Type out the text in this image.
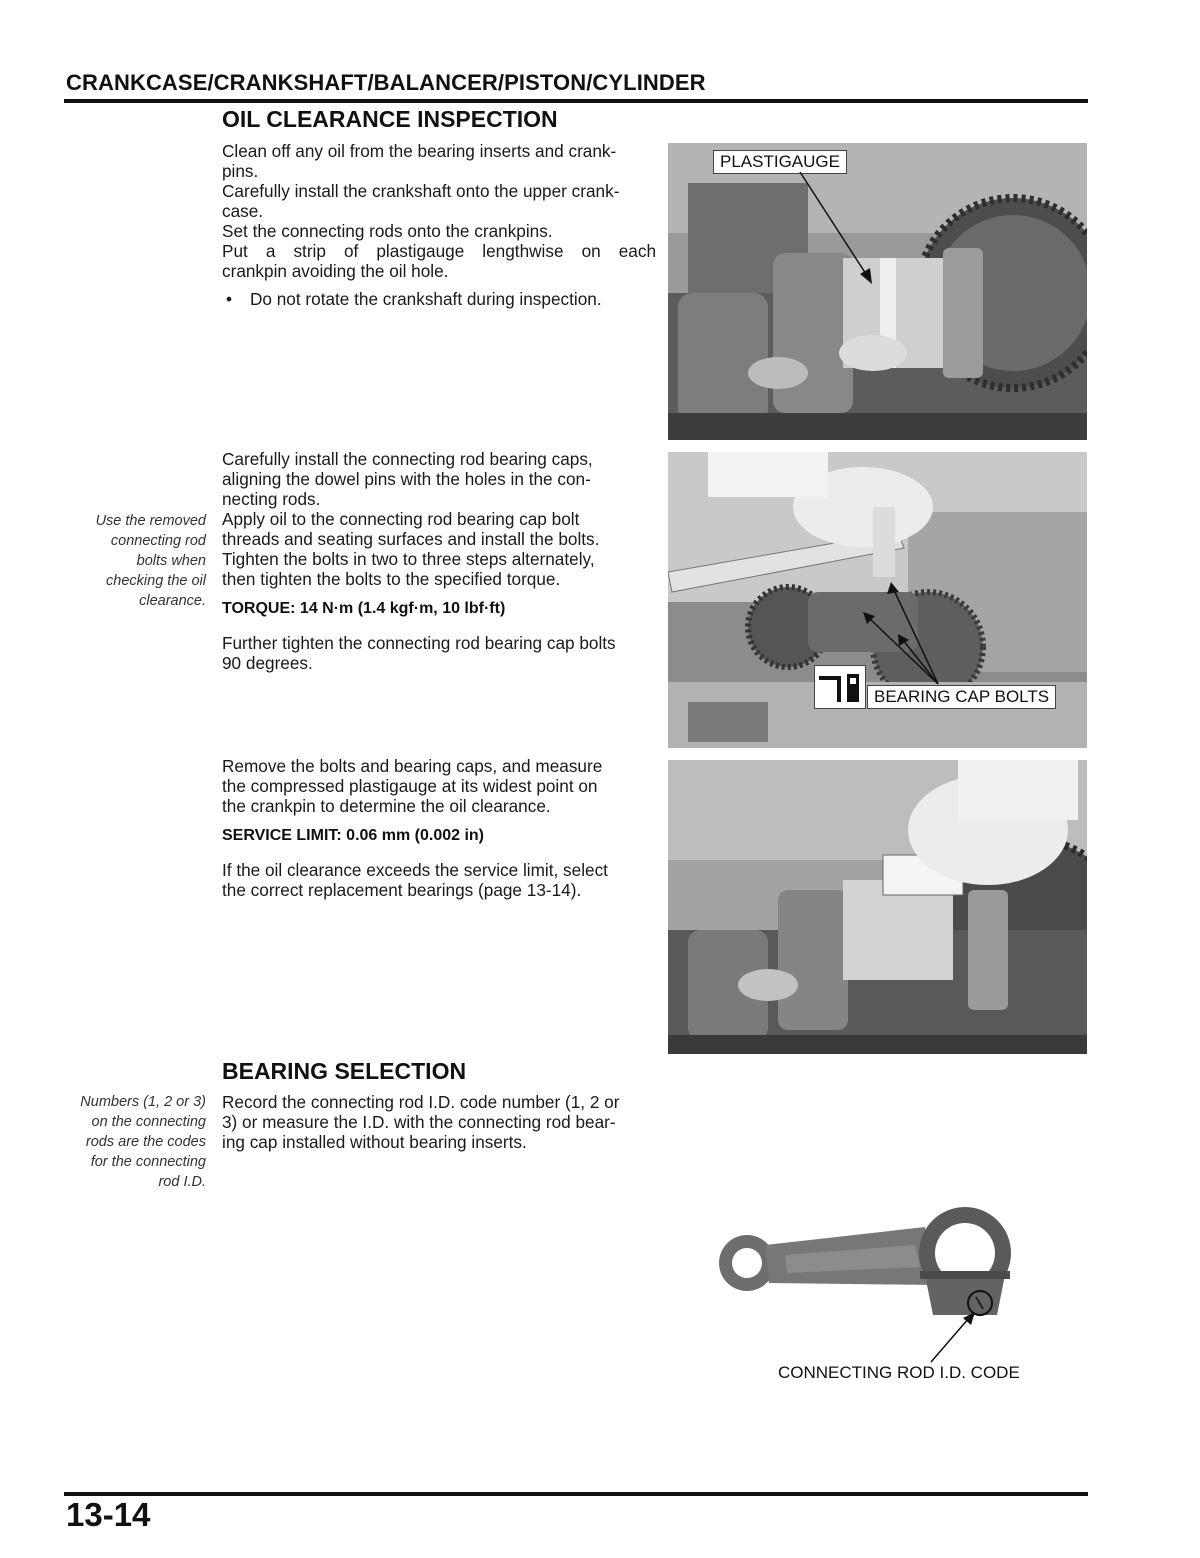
CRANKCASE/CRANKSHAFT/BALANCER/PISTON/CYLINDER
OIL CLEARANCE INSPECTION

Clean off any oil from the bearing inserts and crank-

pins.

Carefully install the crankshaft onto the upper crank-

case.

Set the connecting rods onto the crankpins.

Put a strip of plastigauge lengthwise on each

crankpin avoiding the oil hole.

• Do not rotate the crankshaft during inspection.
PLASTIGAUGE

Carefully install the connecting rod bearing caps,

aligning the dowel pins with the holes in the con-

necting rods.

Apply oil to the connecting rod bearing cap bolt

threads and seating surfaces and install the bolts.

Tighten the bolts in two to three steps alternately,

then tighten the bolts to the specified torque.

Use the removed
connecting rod
bolts when
checking the oil
clearance. TORQUE: 14 N·m (1.4 kgf·m, 10 lbf·ft)

Further tighten the connecting rod bearing cap bolts

90 degrees.

BEARING CAP BOLTS

Remove the bolts and bearing caps, and measure

the compressed plastigauge at its widest point on

the crankpin to determine the oil clearance.

SERVICE LIMIT: 0.06 mm (0.002 in)

If the oil clearance exceeds the service limit, select

the correct replacement bearings (page 13-14).

BEARING SELECTION

Record the connecting rod I.D. code number (1, 2 or

3) or measure the I.D. with the connecting rod bear-

ing cap installed without bearing inserts.

Numbers (1, 2 or 3)
on the connecting
rods are the codes
for the connecting
rod I.D.
CONNECTING ROD I.D. CODE
13-14
